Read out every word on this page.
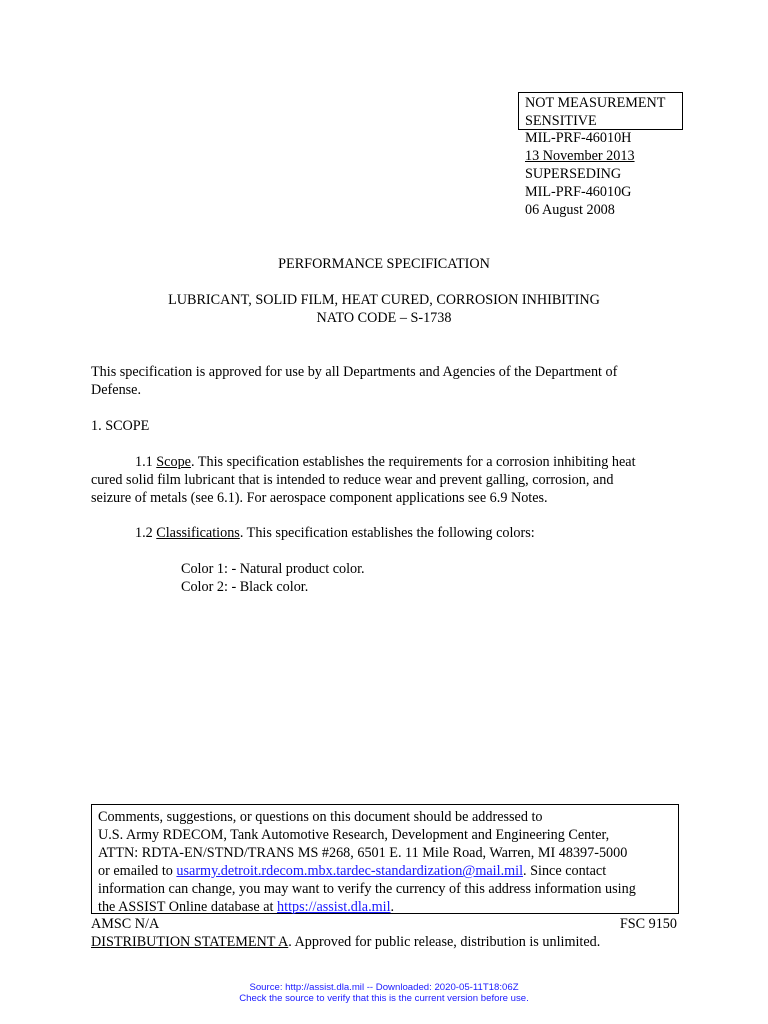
NOT MEASUREMENT
SENSITIVE
MIL-PRF-46010H
13 November 2013
SUPERSEDING
MIL-PRF-46010G
06 August 2008
PERFORMANCE SPECIFICATION
LUBRICANT, SOLID FILM, HEAT CURED, CORROSION INHIBITING
NATO CODE – S-1738
This specification is approved for use by all Departments and Agencies of the Department of
Defense.
1. SCOPE
1.1 Scope. This specification establishes the requirements for a corrosion inhibiting heat
cured solid film lubricant that is intended to reduce wear and prevent galling, corrosion, and
seizure of metals (see 6.1). For aerospace component applications see 6.9 Notes.
1.2 Classifications. This specification establishes the following colors:
Color 1: - Natural product color.
Color 2: - Black color.
Comments, suggestions, or questions on this document should be addressed to
U.S. Army RDECOM, Tank Automotive Research, Development and Engineering Center,
ATTN: RDTA-EN/STND/TRANS MS #268, 6501 E. 11 Mile Road, Warren, MI 48397-5000
or emailed to usarmy.detroit.rdecom.mbx.tardec-standardization@mail.mil. Since contact
information can change, you may want to verify the currency of this address information using
the ASSIST Online database at https://assist.dla.mil.
AMSC N/A	FSC 9150
DISTRIBUTION STATEMENT A. Approved for public release, distribution is unlimited.
Source: http://assist.dla.mil -- Downloaded: 2020-05-11T18:06Z
Check the source to verify that this is the current version before use.
